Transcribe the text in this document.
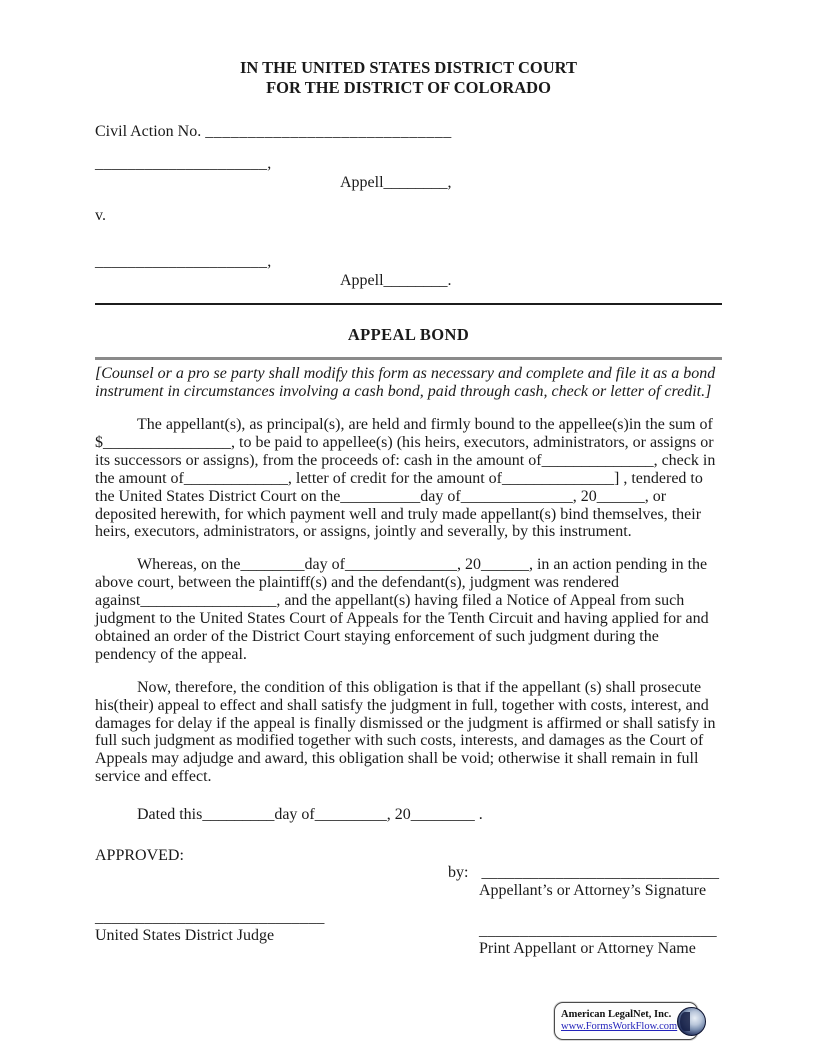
IN THE UNITED STATES DISTRICT COURT
FOR THE DISTRICT OF COLORADO
Civil Action No. _____________________________
_____________________,
Appell________,
v.
_____________________,
Appell________.
APPEAL BOND

[Counsel or a pro se party shall modify this form as necessary and complete and file it as a bond instrument in circumstances involving a cash bond, paid through cash, check or letter of credit.]

The appellant(s), as principal(s), are held and firmly bound to the appellee(s)in the sum of $________________, to be paid to appellee(s) (his heirs, executors, administrators, or assigns or its successors or assigns), from the proceeds of: cash in the amount of______________, check in the amount of_____________, letter of credit for the amount of______________] , tendered to the United States District Court on the__________day of______________, 20______, or deposited herewith, for which payment well and truly made appellant(s) bind themselves, their heirs, executors, administrators, or assigns, jointly and severally, by this instrument.

Whereas, on the________day of______________, 20______, in an action pending in the above court, between the plaintiff(s) and the defendant(s), judgment was rendered against_________________, and the appellant(s) having filed a Notice of Appeal from such judgment to the United States Court of Appeals for the Tenth Circuit and having applied for and obtained an order of the District Court staying enforcement of such judgment during the pendency of the appeal.

Now, therefore, the condition of this obligation is that if the appellant (s) shall prosecute his(their) appeal to effect and shall satisfy the judgment in full, together with costs, interest, and damages for delay if the appeal is finally dismissed or the judgment is affirmed or shall satisfy in full such judgment as modified together with such costs, interests, and damages as the Court of Appeals may adjudge and award, this obligation shall be void; otherwise it shall remain in full service and effect.

Dated this_________day of_________, 20________ .
APPROVED:
____________________________
United States District Judge
by: _____________________________
Appellant’s or Attorney’s Signature
_____________________________
Print Appellant or Attorney Name
American LegalNet, Inc.
www.FormsWorkFlow.com
